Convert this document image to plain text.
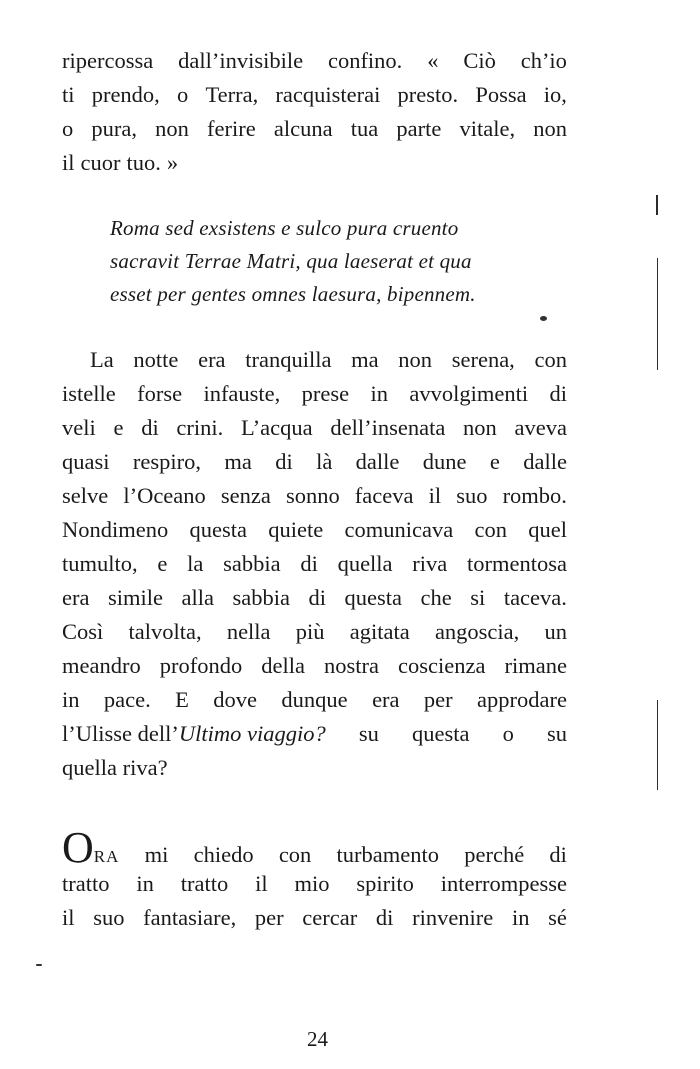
ripercossa dall’invisibile confino. « Ciò ch’io
ti prendo, o Terra, racquisterai presto. Possa io,
o pura, non ferire alcuna tua parte vitale, non
il cuor tuo. »
Roma sed exsistens e sulco pura cruento
sacravit Terrae Matri, qua laeserat et qua
esset per gentes omnes laesura, bipennem.
La notte era tranquilla ma non serena, con
istelle forse infauste, prese in avvolgimenti di
veli e di crini. L’acqua dell’insenata non aveva
quasi respiro, ma di là dalle dune e dalle
selve l’Oceano senza sonno faceva il suo rombo.
Nondimeno questa quiete comunicava con quel
tumulto, e la sabbia di quella riva tormentosa
era simile alla sabbia di questa che si taceva.
Così talvolta, nella più agitata angoscia, un
meandro profondo della nostra coscienza rimane
in pace. E dove dunque era per approdare
l’Ulisse dell’Ultimo viaggio? su questa o su
quella riva?
ORA mi chiedo con turbamento perché di
tratto in tratto il mio spirito interrompesse
il suo fantasiare, per cercar di rinvenire in sé
24
